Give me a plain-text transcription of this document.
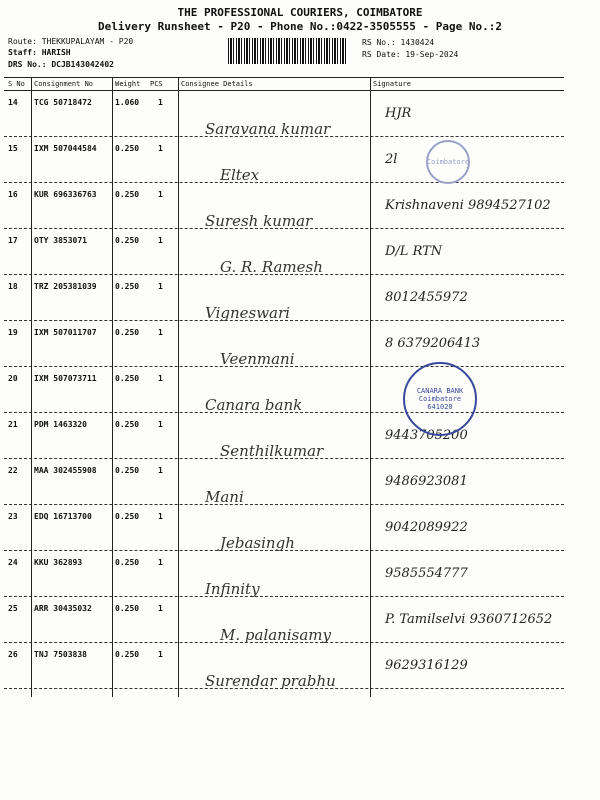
THE PROFESSIONAL COURIERS, COIMBATORE
Delivery Runsheet - P20 - Phone No.:0422-3505555 - Page No.:2
Route: THEKKUPALAYAM - P20
Staff: HARISH
DRS No.: DCJB143042402
RS No.: 1430424
RS Date: 19-Sep-2024
S No Consignment No	Weight PCS	Consignee Details	Signature
14 TCG 50718472	1.060 1
Saravana kumar
HJR
15 IXM 507044584 0.250 1
Eltex
2l
16 KUR 696336763 0.250 1
Suresh kumar
Krishnaveni 9894527102
17 OTY 3853071	0.250 1
G. R. Ramesh
D/L RTN
18 TRZ 205381039 0.250 1
Vigneswari
8012455972
19 IXM 507011707 0.250 1
Veenmani
8 6379206413
20 IXM 507073711 0.250 1
Canara bank
21 PDM 1463320	0.250 1
Senthilkumar
9443705200
22 MAA 302455908 0.250 1
Mani
9486923081
23 EDQ 16713700	0.250 1
Jebasingh
9042089922
24 KKU 362893	0.250 1
Infinity
9585554777
25 ARR 30435032	0.250 1
M. palanisamy
P. Tamilselvi 9360712652
26 TNJ 7503838	0.250 1
Surendar prabhu
9629316129
CANARA BANK Coimbatore 641020
Coimbatore
